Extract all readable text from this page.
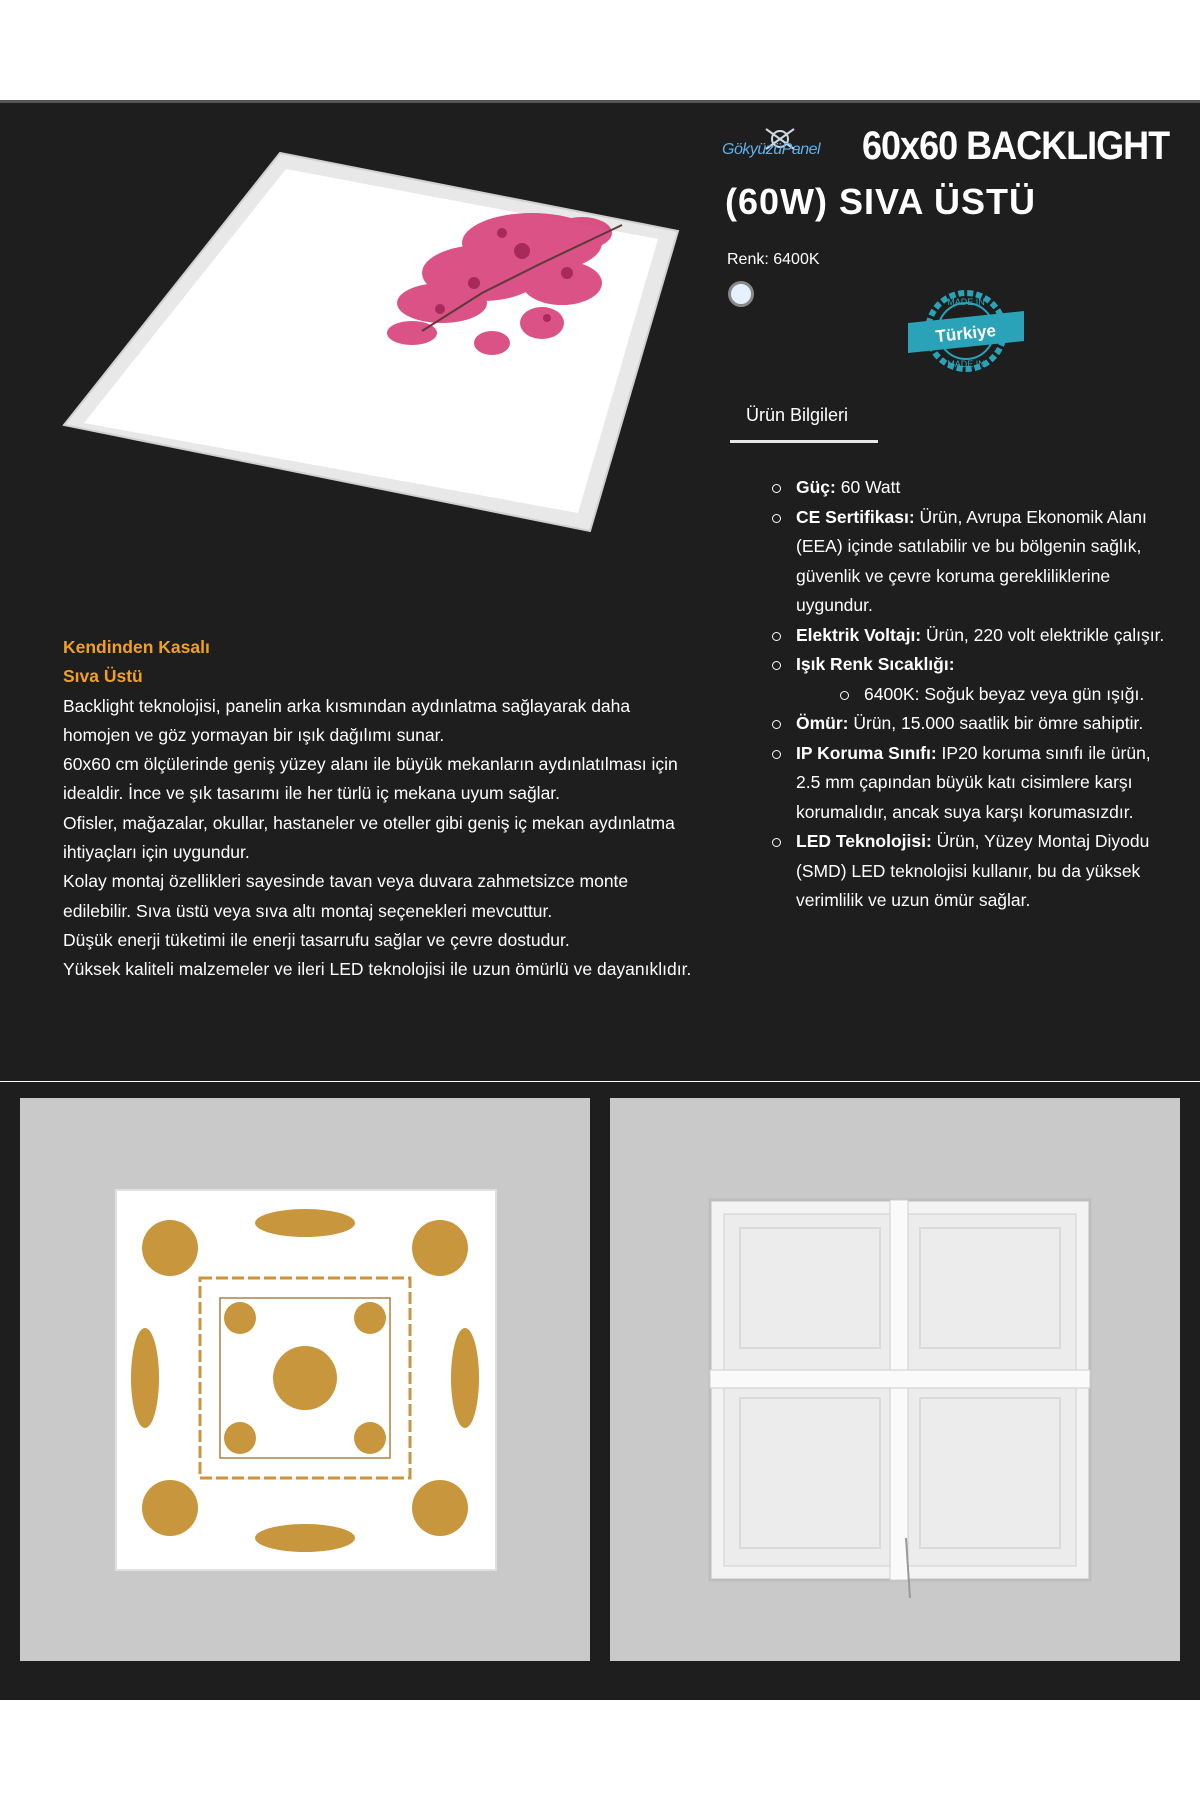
GökyüzüPanel 60x60 BACKLIGHT
(60W) SIVA ÜSTÜ
Renk: 6400K
Türkiye
MADE IN
MADE IN
Ürün Bilgileri
Güç: 60 Watt
CE Sertifikası: Ürün, Avrupa Ekonomik Alanı (EEA) içinde satılabilir ve bu bölgenin sağlık, güvenlik ve çevre koruma gerekliliklerine uygundur.
Elektrik Voltajı: Ürün, 220 volt elektrikle çalışır.
Işık Renk Sıcaklığı:
6400K: Soğuk beyaz veya gün ışığı.
Ömür: Ürün, 15.000 saatlik bir ömre sahiptir.
IP Koruma Sınıfı: IP20 koruma sınıfı ile ürün, 2.5 mm çapından büyük katı cisimlere karşı korumalıdır, ancak suya karşı korumasızdır.
LED Teknolojisi: Ürün, Yüzey Montaj Diyodu (SMD) LED teknolojisi kullanır, bu da yüksek verimlilik ve uzun ömür sağlar.
Kendinden Kasalı
Sıva Üstü

Backlight teknolojisi, panelin arka kısmından aydınlatma sağlayarak daha homojen ve göz yormayan bir ışık dağılımı sunar.

60x60 cm ölçülerinde geniş yüzey alanı ile büyük mekanların aydınlatılması için idealdir. İnce ve şık tasarımı ile her türlü iç mekana uyum sağlar.

Ofisler, mağazalar, okullar, hastaneler ve oteller gibi geniş iç mekan aydınlatma ihtiyaçları için uygundur.

Kolay montaj özellikleri sayesinde tavan veya duvara zahmetsizce monte edilebilir. Sıva üstü veya sıva altı montaj seçenekleri mevcuttur.

Düşük enerji tüketimi ile enerji tasarrufu sağlar ve çevre dostudur.

Yüksek kaliteli malzemeler ve ileri LED teknolojisi ile uzun ömürlü ve dayanıklıdır.
